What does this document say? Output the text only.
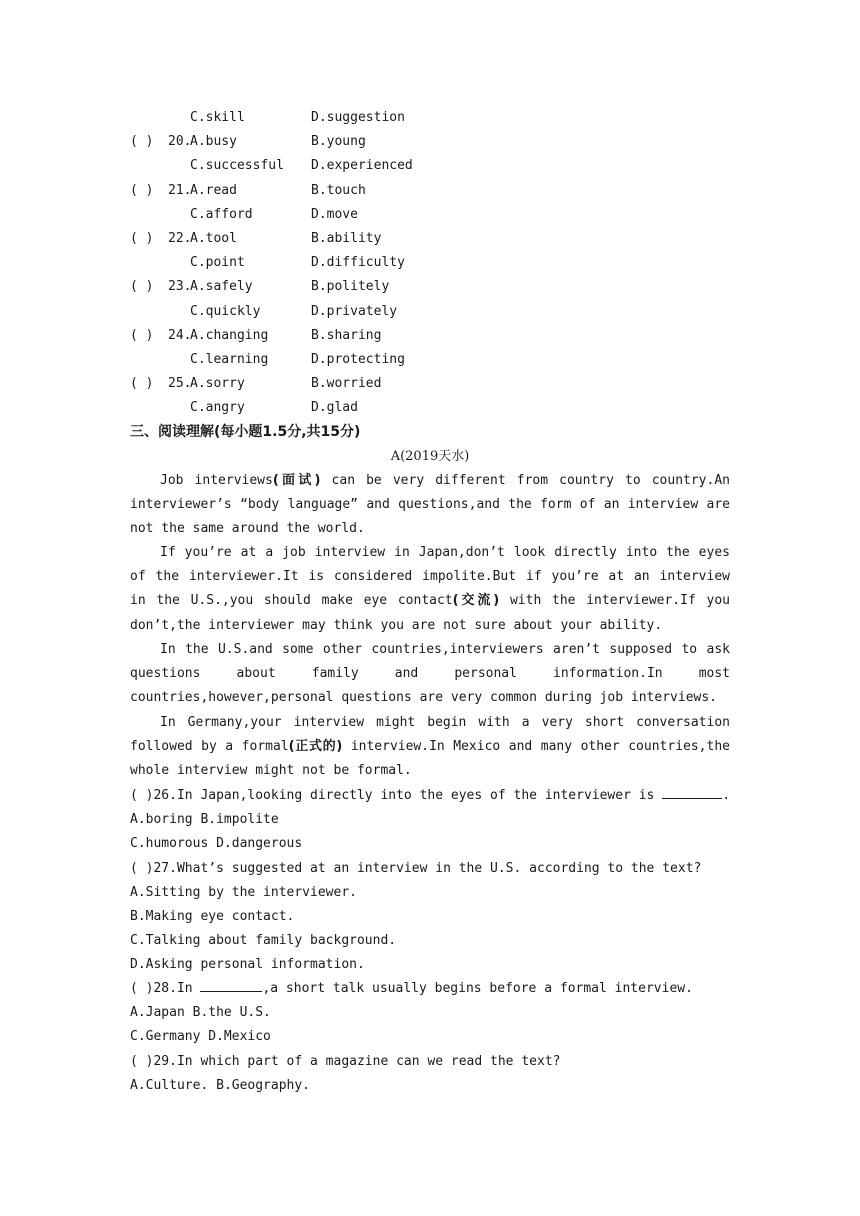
C.skill	D.suggestion
( ) 20.
A.busy	B.young
C.successful D.experienced
( ) 21.
A.read	B.touch
C.afford	D.move
( ) 22.
A.tool	B.ability
C.point	D.difficulty
( ) 23.
A.safely	B.politely
C.quickly	D.privately
( ) 24.
A.changing	B.sharing
C.learning	D.protecting
( ) 25.
A.sorry	B.worried
C.angry	D.glad
三、阅读理解(每小题1.5分,共15分)
A(2019天水)
Job interviews(面试) can be very different from country to country.An interviewer’s “body language” and questions,and the form of an interview are not the same around the world.
If you’re at a job interview in Japan,don’t look directly into the eyes of the interviewer.It is considered impolite.But if you’re at an interview in the U.S.,you should make eye contact(交流) with the interviewer.If you don’t,the interviewer may think you are not sure about your ability.
In the U.S.and some other countries,interviewers aren’t supposed to ask questions about family and personal information.In most countries,however,personal questions are very common during job interviews.
In Germany,your interview might begin with a very short conversation followed by a formal(正式的) interview.In Mexico and many other countries,the whole interview might not be formal.
( )26.In Japan,looking directly into the eyes of the interviewer is	.
A.boring B.impolite
C.humorous D.dangerous
( )27.What’s suggested at an interview in the U.S. according to the text?
A.Sitting by the interviewer.
B.Making eye contact.
C.Talking about family background.
D.Asking personal information.
( )28.In	,a short talk usually begins before a formal interview.
A.Japan B.the U.S.
C.Germany D.Mexico
( )29.In which part of a magazine can we read the text?
A.Culture. B.Geography.
